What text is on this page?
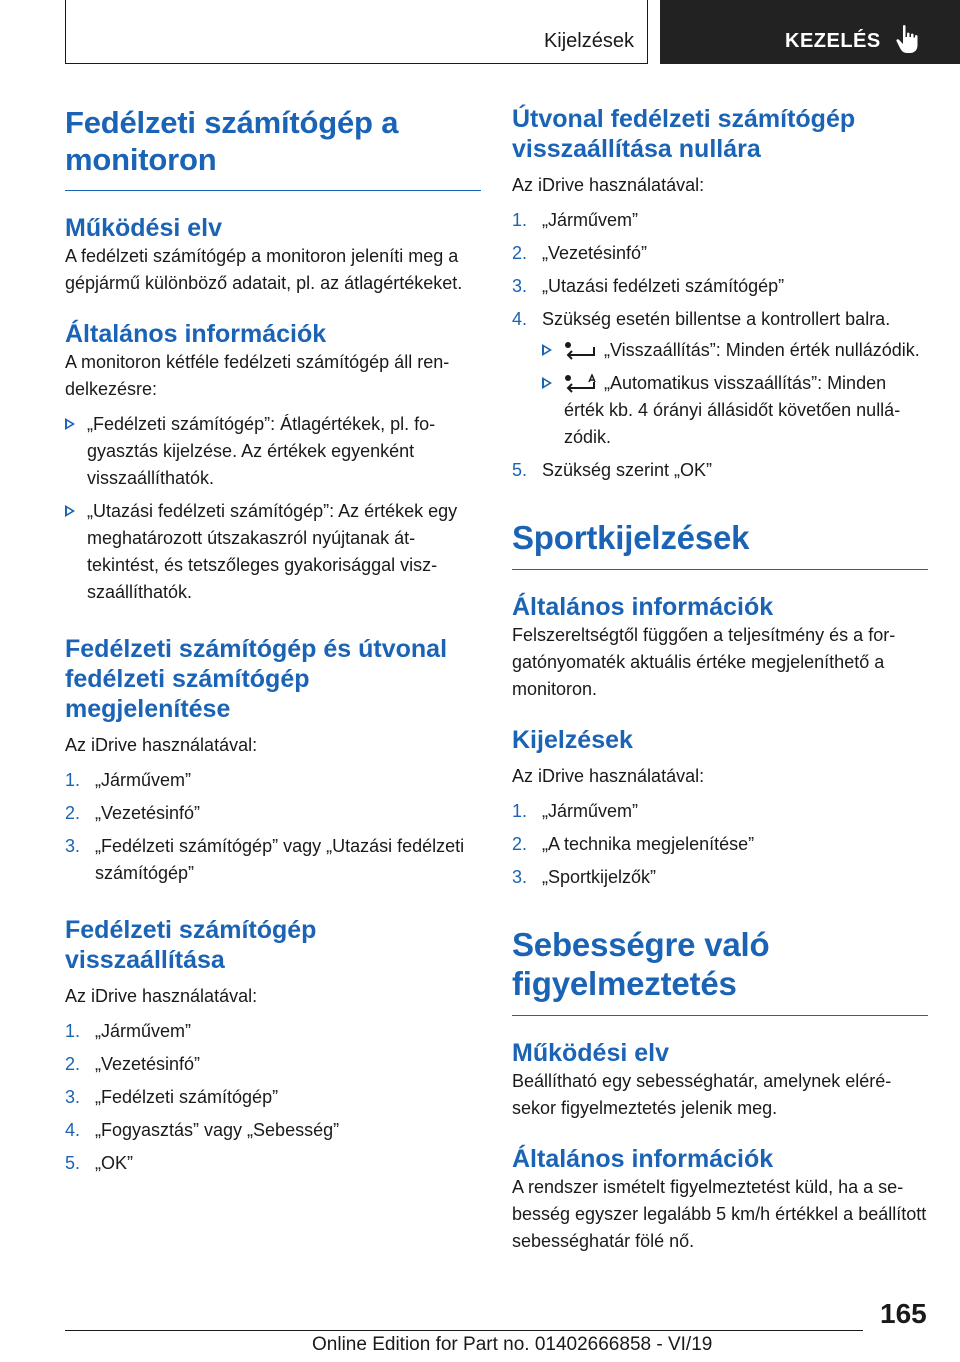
Kijelzések	KEZELÉS
Fedélzeti számítógép a monitoron
Működési elv

A fedélzeti számítógép a monitoron jeleníti meg a gépjármű különböző adatait, pl. az átlagértékeket.

Általános információk

A monitoron kétféle fedélzeti számítógép áll rendelkezésre:

„Fedélzeti számítógép”: Átlagértékek, pl. fogyasztás kijelzése. Az értékek egyenként visszaállíthatók.
„Utazási fedélzeti számítógép”: Az értékek egy meghatározott útszakaszról nyújtanak áttekintést, és tetszőleges gyakorisággal viszszaállíthatók.
Fedélzeti számítógép és útvonal fedélzeti számítógép megjelenítése

Az iDrive használatával:

1. „Járművem”
2. „Vezetésinfó”
3. „Fedélzeti számítógép” vagy „Utazási fedélzeti számítógép”
Fedélzeti számítógép visszaállítása

Az iDrive használatával:

1. „Járművem”
2. „Vezetésinfó”
3. „Fedélzeti számítógép”
4. „Fogyasztás” vagy „Sebesség”
5. „OK”
Útvonal fedélzeti számítógép visszaállítása nullára

Az iDrive használatával:

1. „Járművem”
2. „Vezetésinfó”
3. „Utazási fedélzeti számítógép”
4. Szükség esetén billentse a kontrollert balra.
„Visszaállítás”: Minden érték nullázódik.
„Automatikus visszaállítás”: Minden érték kb. 4 órányi állásidőt követően nullázódik.
5. Szükség szerint „OK”
Sportkijelzések
Általános információk

Felszereltségtől függően a teljesítmény és a forgatónyomaték aktuális értéke megjeleníthető a monitoron.

Kijelzések

Az iDrive használatával:

1. „Járművem”
2. „A technika megjelenítése”
3. „Sportkijelzők”
Sebességre való figyelmeztetés
Működési elv

Beállítható egy sebességhatár, amelynek elérésekor figyelmeztetés jelenik meg.

Általános információk

A rendszer ismételt figyelmeztetést küld, ha a sebesség egyszer legalább 5 km/h értékkel a beállított sebességhatár fölé nő.

165
Online Edition for Part no. 01402666858 - VI/19
